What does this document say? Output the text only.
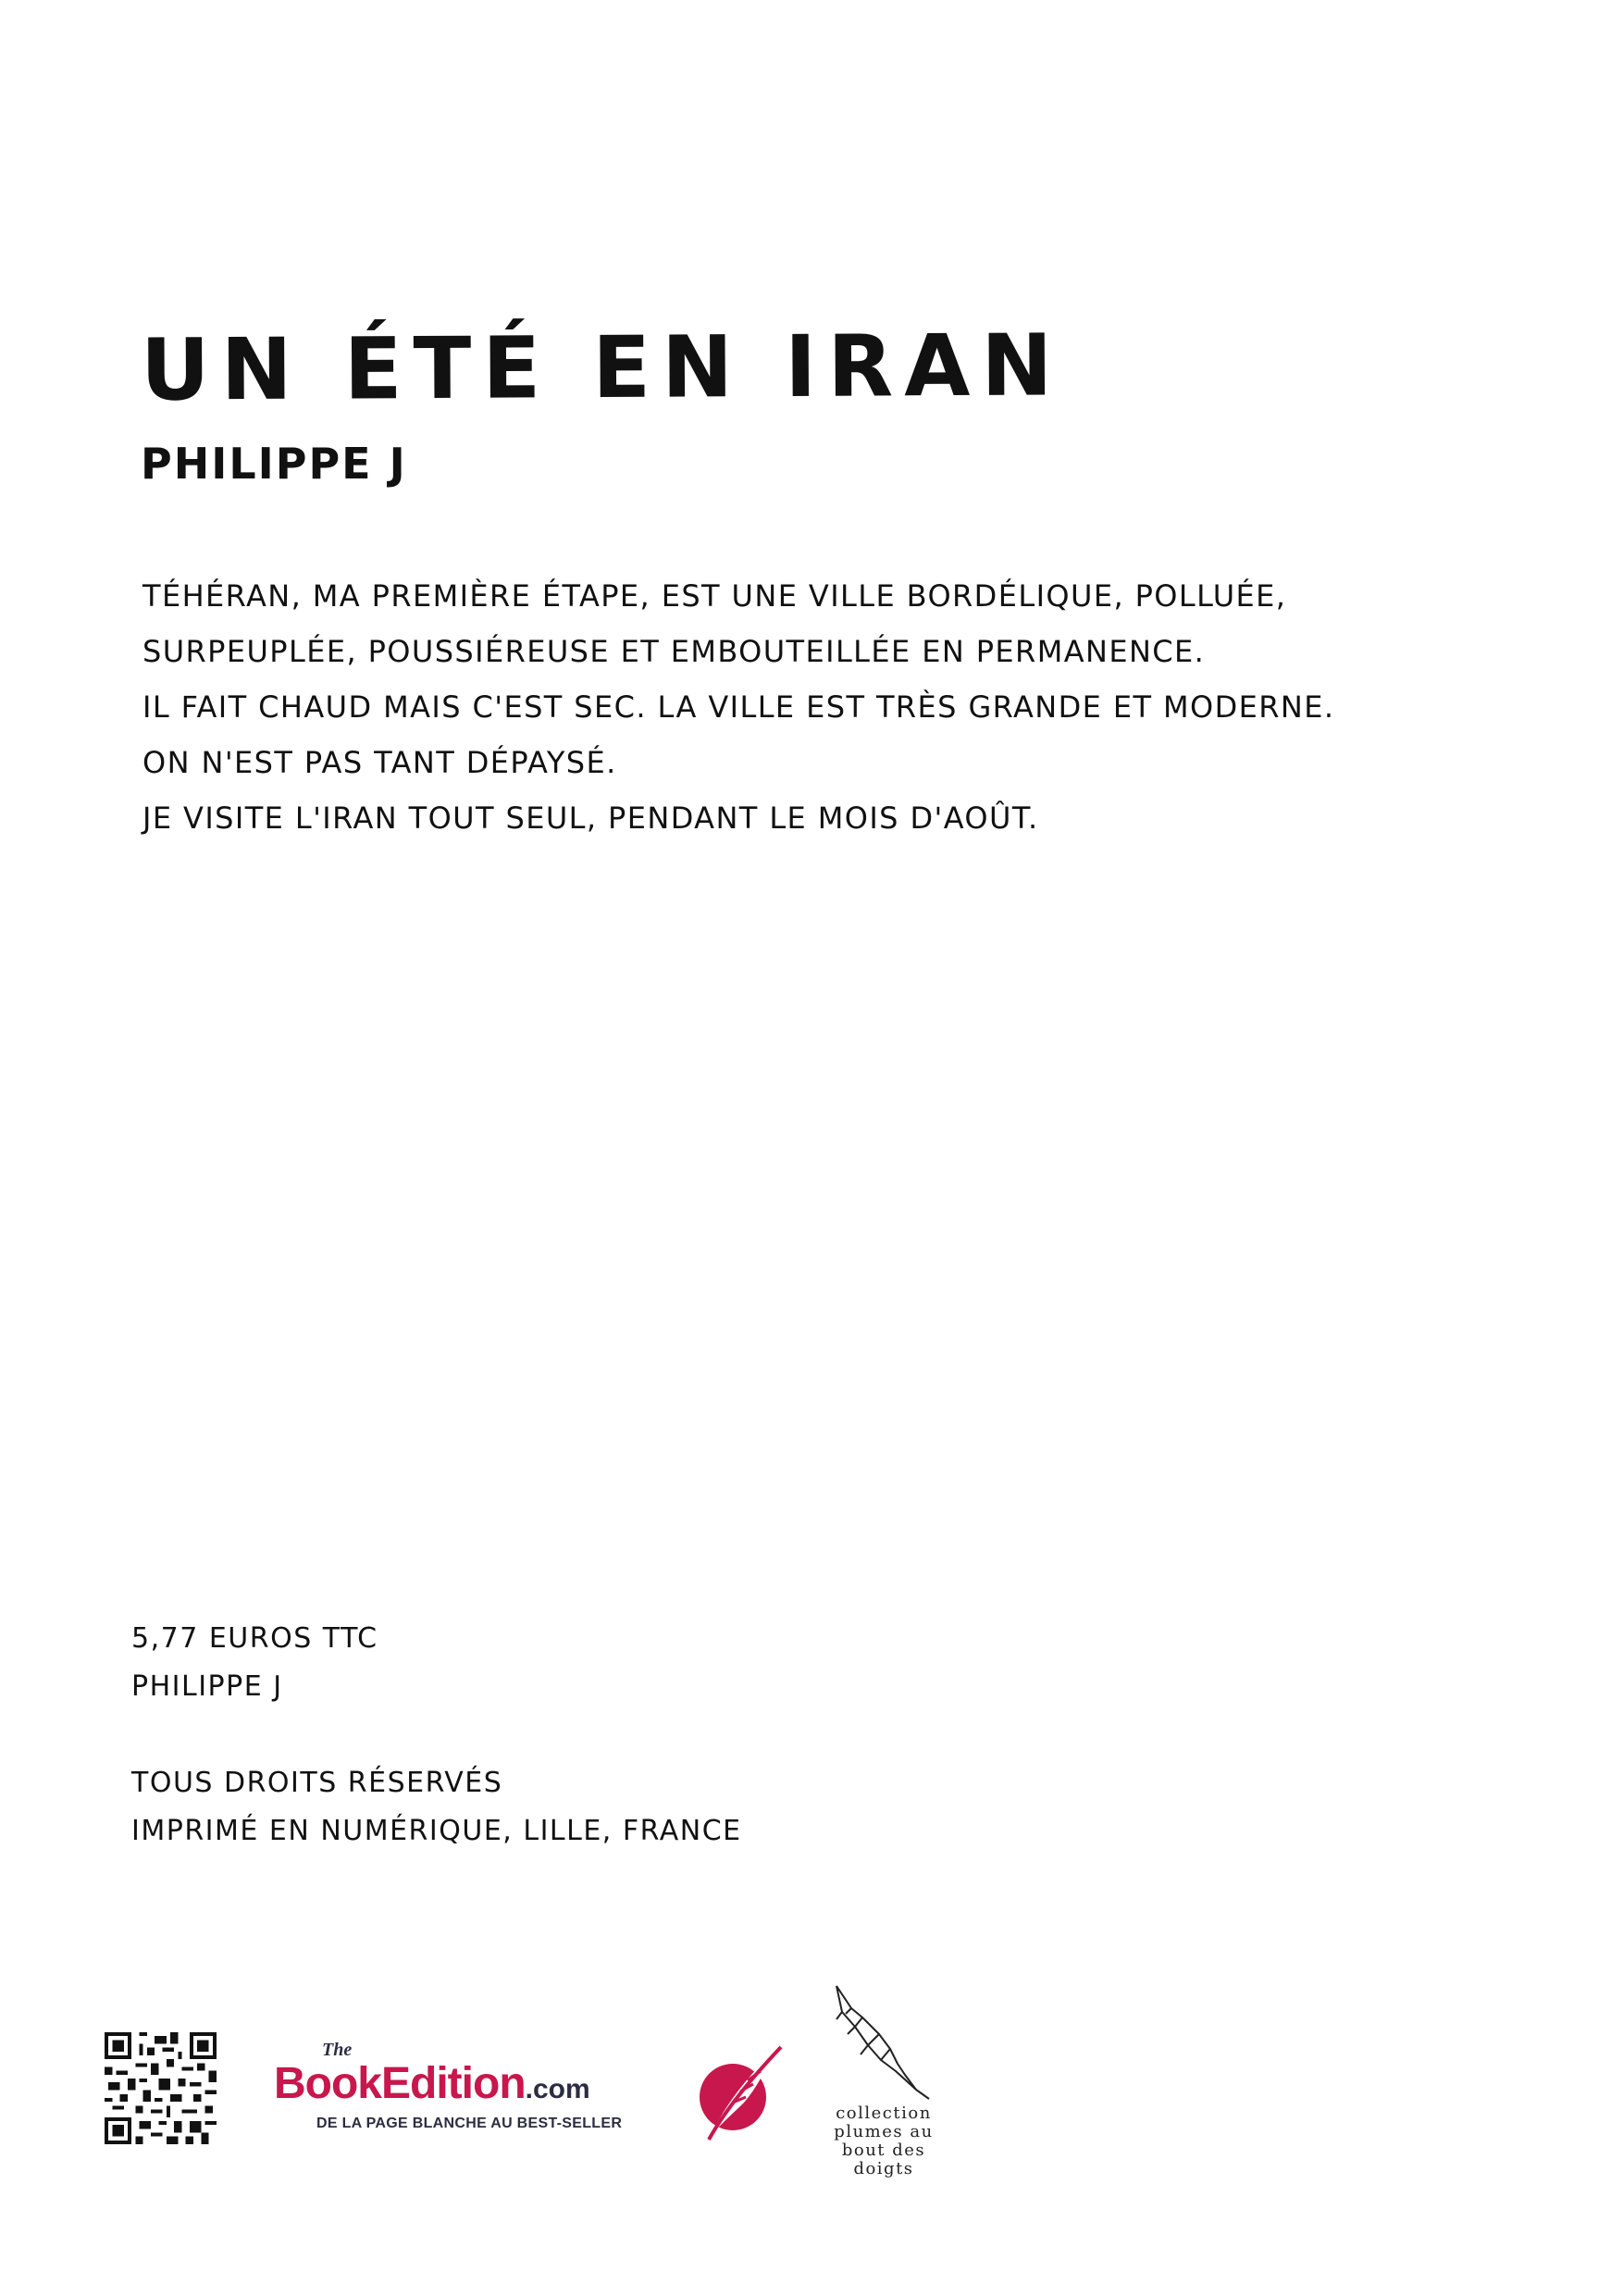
UN ÉTÉ EN IRAN
PHILIPPE J
TÉHÉRAN, MA PREMIÈRE ÉTAPE, EST UNE VILLE BORDÉLIQUE, POLLUÉE,
SURPEUPLÉE, POUSSIÉREUSE ET EMBOUTEILLÉE EN PERMANENCE.
IL FAIT CHAUD MAIS C'EST SEC. LA VILLE EST TRÈS GRANDE ET MODERNE.
ON N'EST PAS TANT DÉPAYSÉ.
JE VISITE L'IRAN TOUT SEUL, PENDANT LE MOIS D'AOÛT.
5,77 EUROS TTC
PHILIPPE J
TOUS DROITS RÉSERVÉS
IMPRIMÉ EN NUMÉRIQUE, LILLE, FRANCE
The
BookEdition.com
DE LA PAGE BLANCHE AU BEST-SELLER
collection
plumes au
bout des
doigts
